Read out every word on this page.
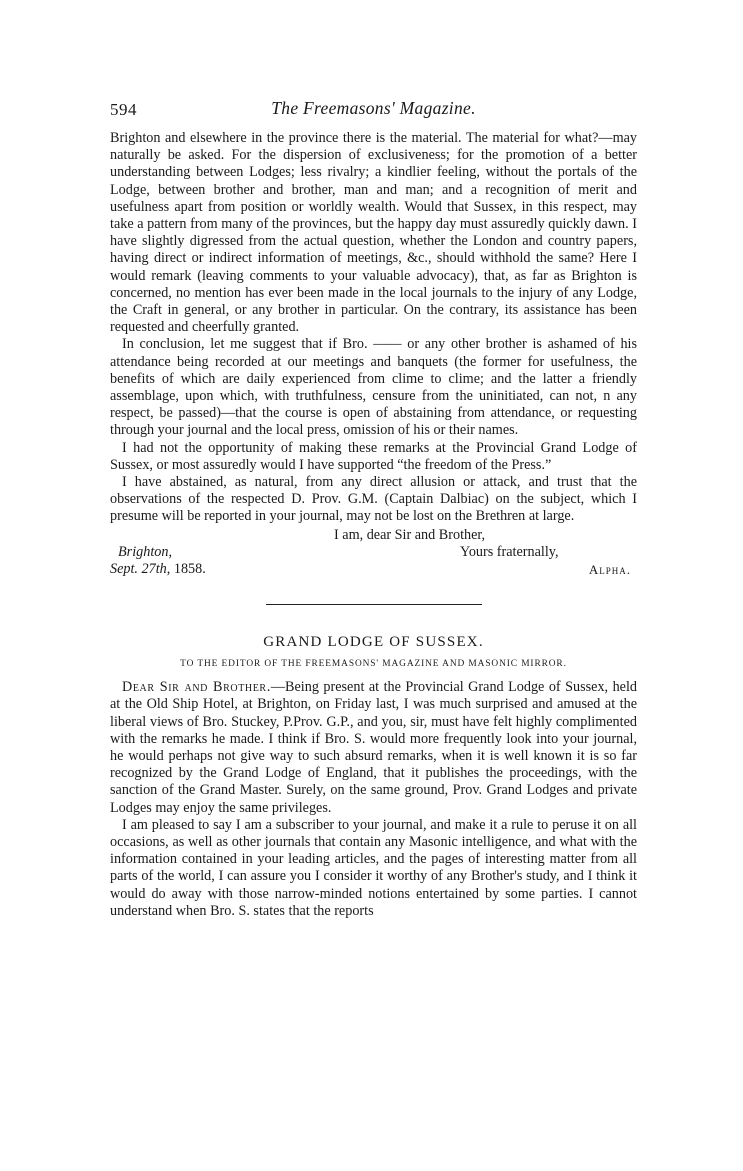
594	The Freemasons' Magazine.

Brighton and elsewhere in the province there is the material. The material for what?—may naturally be asked. For the dispersion of exclusiveness; for the promotion of a better understanding between Lodges; less rivalry; a kindlier feeling, without the portals of the Lodge, between brother and brother, man and man; and a recognition of merit and usefulness apart from position or worldly wealth. Would that Sussex, in this respect, may take a pattern from many of the provinces, but the happy day must assuredly quickly dawn. I have slightly digressed from the actual question, whether the London and country papers, having direct or indirect information of meetings, &c., should withhold the same? Here I would remark (leaving comments to your valuable advocacy), that, as far as Brighton is concerned, no mention has ever been made in the local journals to the injury of any Lodge, the Craft in general, or any brother in particular. On the contrary, its assistance has been requested and cheerfully granted.

In conclusion, let me suggest that if Bro. —— or any other brother is ashamed of his attendance being recorded at our meetings and banquets (the former for usefulness, the benefits of which are daily experienced from clime to clime; and the latter a friendly assemblage, upon which, with truthfulness, censure from the uninitiated, can not, n any respect, be passed)—that the course is open of abstaining from attendance, or requesting through your journal and the local press, omission of his or their names.

I had not the opportunity of making these remarks at the Provincial Grand Lodge of Sussex, or most assuredly would I have supported “the freedom of the Press.”

I have abstained, as natural, from any direct allusion or attack, and trust that the observations of the respected D. Prov. G.M. (Captain Dalbiac) on the subject, which I presume will be reported in your journal, may not be lost on the Brethren at large.

I am, dear Sir and Brother,
Brighton,	Yours fraternally,
Sept. 27th, 1858.	Alpha.
GRAND LODGE OF SUSSEX.
TO THE EDITOR OF THE FREEMASONS' MAGAZINE AND MASONIC MIRROR.

Dear Sir and Brother.—Being present at the Provincial Grand Lodge of Sussex, held at the Old Ship Hotel, at Brighton, on Friday last, I was much surprised and amused at the liberal views of Bro. Stuckey, P.Prov. G.P., and you, sir, must have felt highly complimented with the remarks he made. I think if Bro. S. would more frequently look into your journal, he would perhaps not give way to such absurd remarks, when it is well known it is so far recognized by the Grand Lodge of England, that it publishes the proceedings, with the sanction of the Grand Master. Surely, on the same ground, Prov. Grand Lodges and private Lodges may enjoy the same privileges.

I am pleased to say I am a subscriber to your journal, and make it a rule to peruse it on all occasions, as well as other journals that contain any Masonic intelligence, and what with the information contained in your leading articles, and the pages of interesting matter from all parts of the world, I can assure you I consider it worthy of any Brother's study, and I think it would do away with those narrow-minded notions entertained by some parties. I cannot understand when Bro. S. states that the reports
